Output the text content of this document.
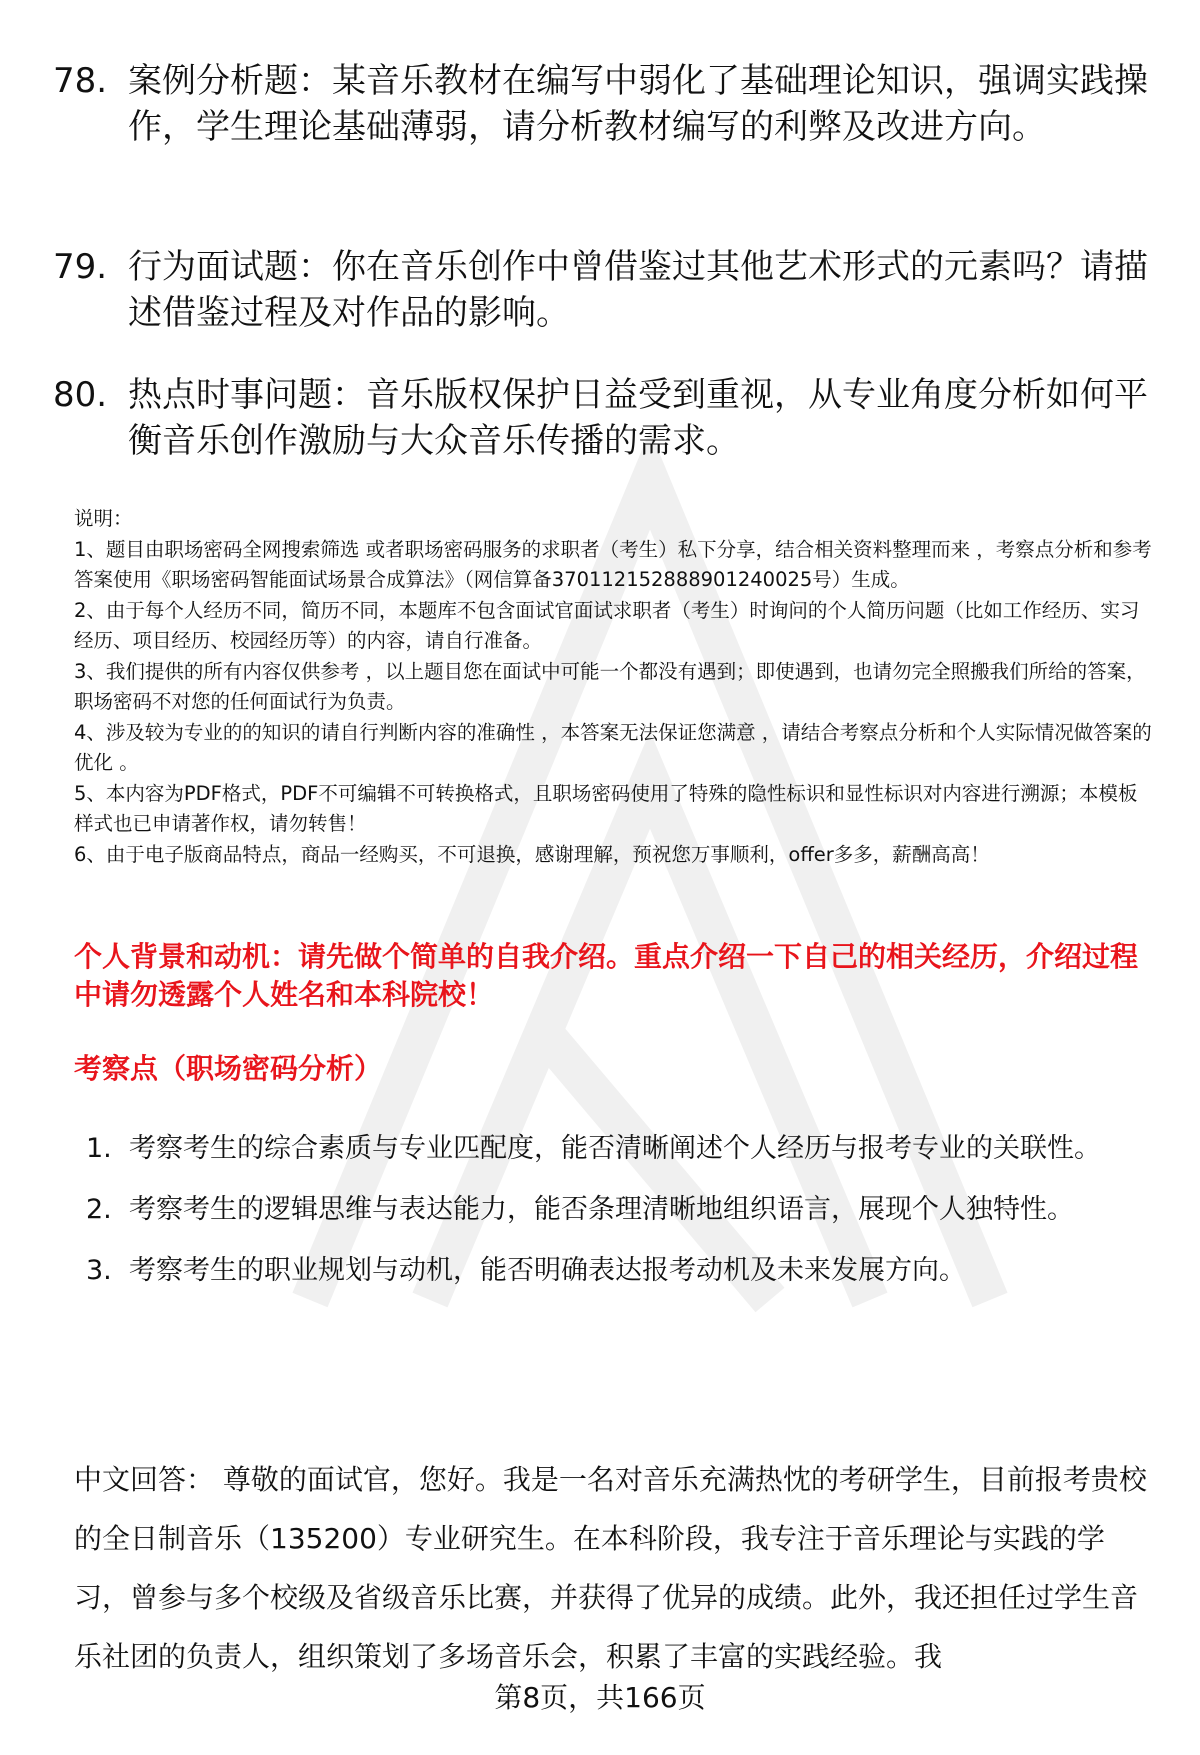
78. 案例分析题：某音乐教材在编写中弱化了基础理论知识，强调实践操作，学生理论基础薄弱，请分析教材编写的利弊及改进方向。
79. 行为面试题：你在音乐创作中曾借鉴过其他艺术形式的元素吗？请描述借鉴过程及对作品的影响。
80. 热点时事问题：音乐版权保护日益受到重视，从专业角度分析如何平衡音乐创作激励与大众音乐传播的需求。

说明：

1、题目由职场密码全网搜索筛选 或者职场密码服务的求职者（考生）私下分享，结合相关资料整理而来 ，考察点分析和参考答案使用《职场密码智能面试场景合成算法》（网信算备370112152888901240025号）生成。

2、由于每个人经历不同，简历不同，本题库不包含面试官面试求职者（考生）时询问的个人简历问题（比如工作经历、实习经历、项目经历、校园经历等）的内容，请自行准备。

3、我们提供的所有内容仅供参考 ，以上题目您在面试中可能一个都没有遇到；即使遇到，也请勿完全照搬我们所给的答案，职场密码不对您的任何面试行为负责。

4、涉及较为专业的的知识的请自行判断内容的准确性 ，本答案无法保证您满意 ，请结合考察点分析和个人实际情况做答案的优化 。

5、本内容为PDF格式，PDF不可编辑不可转换格式，且职场密码使用了特殊的隐性标识和显性标识对内容进行溯源；本模板样式也已申请著作权，请勿转售！

6、由于电子版商品特点，商品一经购买，不可退换，感谢理解，预祝您万事顺利，offer多多，薪酬高高！

个人背景和动机：请先做个简单的自我介绍。重点介绍一下自己的相关经历，介绍过程中请勿透露个人姓名和本科院校！
考察点（职场密码分析）
1. 考察考生的综合素质与专业匹配度，能否清晰阐述个人经历与报考专业的关联性。
2. 考察考生的逻辑思维与表达能力，能否条理清晰地组织语言，展现个人独特性。
3. 考察考生的职业规划与动机，能否明确表达报考动机及未来发展方向。
中文回答： 尊敬的面试官，您好。我是一名对音乐充满热忱的考研学生，目前报考贵校的全日制音乐（135200）专业研究生。在本科阶段，我专注于音乐理论与实践的学习，曾参与多个校级及省级音乐比赛，并获得了优异的成绩。此外，我还担任过学生音乐社团的负责人，组织策划了多场音乐会，积累了丰富的实践经验。我
第8页，共166页
